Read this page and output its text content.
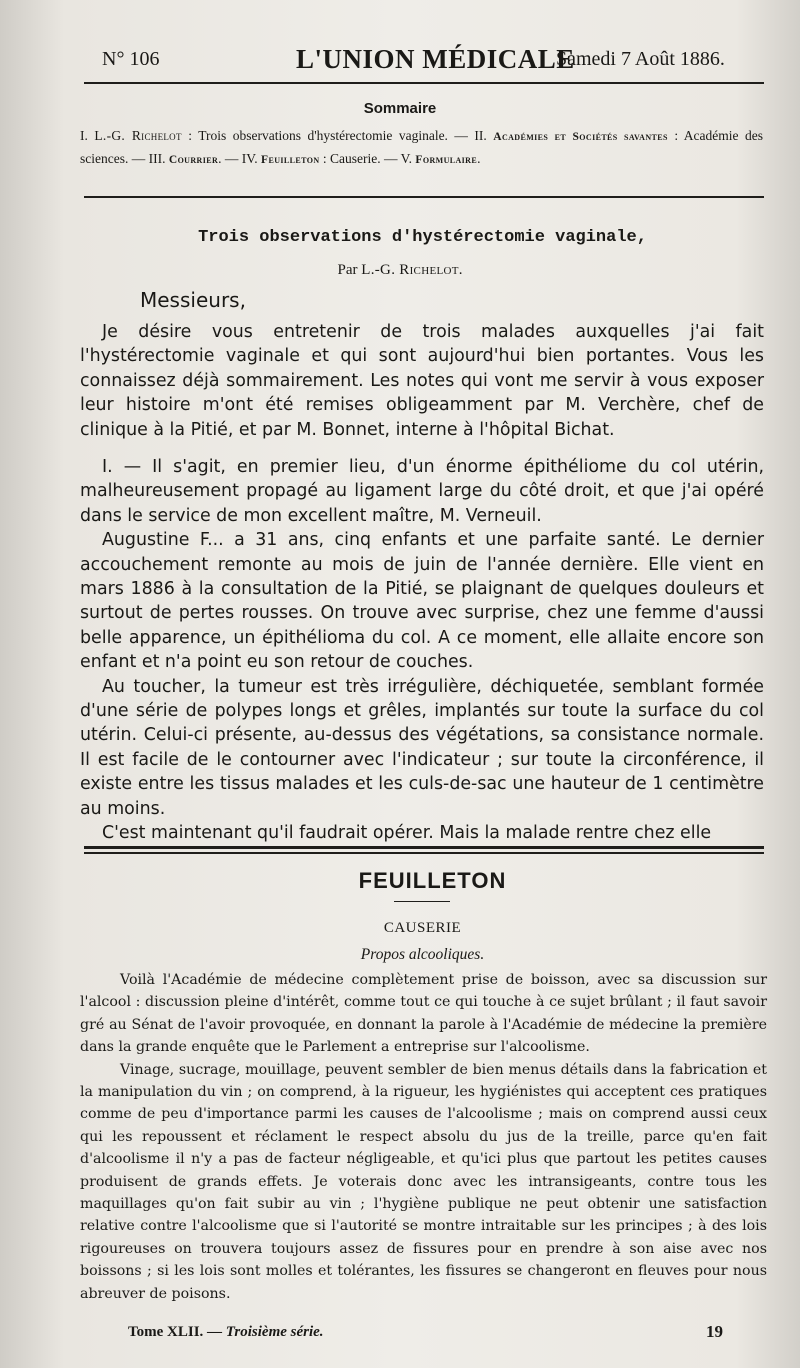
N° 106	L'UNION MÉDICALE
Samedi 7 Août 1886.
Sommaire
I. L.-G. Richelot : Trois observations d'hystérectomie vaginale. — II. Académies et Sociétés savantes : Académie des sciences. — III. Courrier. — IV. Feuilleton : Causerie. — V. Formulaire.
Trois observations d'hystérectomie vaginale,
Par L.-G. Richelot.
Messieurs,

Je désire vous entretenir de trois malades auxquelles j'ai fait l'hystérectomie vaginale et qui sont aujourd'hui bien portantes. Vous les connaissez déjà sommairement. Les notes qui vont me servir à vous exposer leur histoire m'ont été remises obligeamment par M. Verchère, chef de clinique à la Pitié, et par M. Bonnet, interne à l'hôpital Bichat.

I. — Il s'agit, en premier lieu, d'un énorme épithéliome du col utérin, malheureusement propagé au ligament large du côté droit, et que j'ai opéré dans le service de mon excellent maître, M. Verneuil.

Augustine F... a 31 ans, cinq enfants et une parfaite santé. Le dernier accouchement remonte au mois de juin de l'année dernière. Elle vient en mars 1886 à la consultation de la Pitié, se plaignant de quelques douleurs et surtout de pertes rousses. On trouve avec surprise, chez une femme d'aussi belle apparence, un épithélioma du col. A ce moment, elle allaite encore son enfant et n'a point eu son retour de couches.

Au toucher, la tumeur est très irrégulière, déchiquetée, semblant formée d'une série de polypes longs et grêles, implantés sur toute la surface du col utérin. Celui-ci présente, au-dessus des végétations, sa consistance normale. Il est facile de le contourner avec l'indicateur ; sur toute la circonférence, il existe entre les tissus malades et les culs-de-sac une hauteur de 1 centimètre au moins.

C'est maintenant qu'il faudrait opérer. Mais la malade rentre chez elle

FEUILLETON
CAUSERIE
Propos alcooliques.

Voilà l'Académie de médecine complètement prise de boisson, avec sa discussion sur l'alcool : discussion pleine d'intérêt, comme tout ce qui touche à ce sujet brûlant ; il faut savoir gré au Sénat de l'avoir provoquée, en donnant la parole à l'Académie de médecine la première dans la grande enquête que le Parlement a entreprise sur l'alcoolisme.

Vinage, sucrage, mouillage, peuvent sembler de bien menus détails dans la fabrication et la manipulation du vin ; on comprend, à la rigueur, les hygiénistes qui acceptent ces pratiques comme de peu d'importance parmi les causes de l'alcoolisme ; mais on comprend aussi ceux qui les repoussent et réclament le respect absolu du jus de la treille, parce qu'en fait d'alcoolisme il n'y a pas de facteur négligeable, et qu'ici plus que partout les petites causes produisent de grands effets. Je voterais donc avec les intransigeants, contre tous les maquillages qu'on fait subir au vin ; l'hygiène publique ne peut obtenir une satisfaction relative contre l'alcoolisme que si l'autorité se montre intraitable sur les principes ; à des lois rigoureuses on trouvera toujours assez de fissures pour en prendre à son aise avec nos boissons ; si les lois sont molles et tolérantes, les fissures se changeront en fleuves pour nous abreuver de poisons.

Tome XLII. — Troisième série.	19
